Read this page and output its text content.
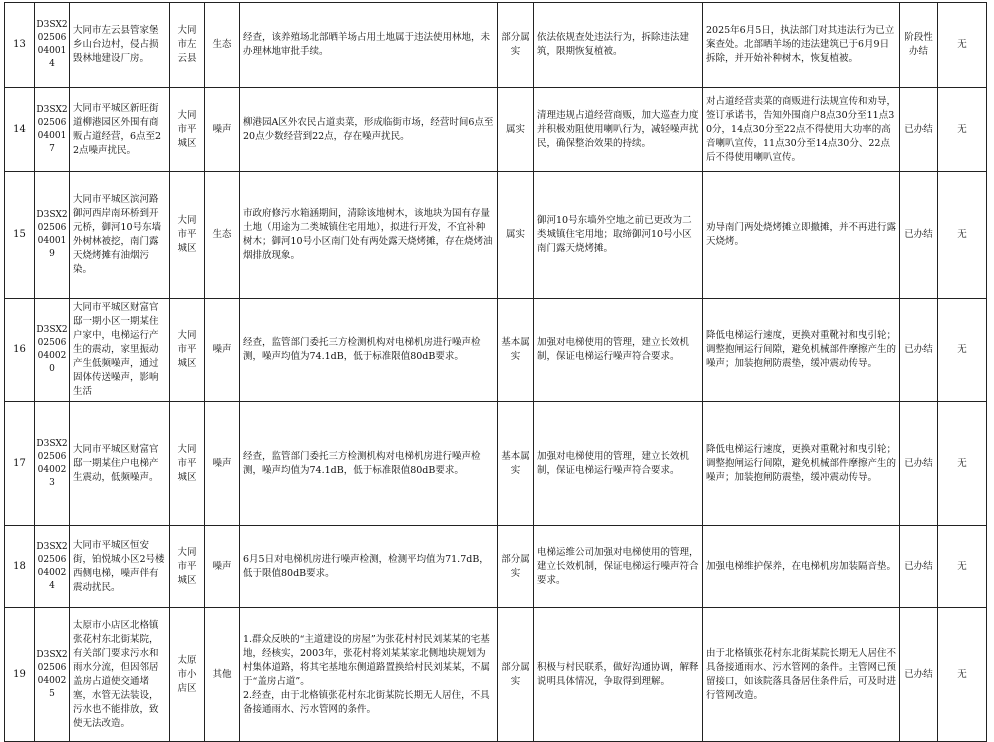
13	D3SX202506040014	大同市左云县管家堡乡山台边村，侵占损毁林地建设厂房。	大同市左云县	生态	经查，该养殖场北部晒羊场占用土地属于违法使用林地，未办理林地审批手续。	部分属实	依法依规查处违法行为，拆除违法建筑，限期恢复植被。	2025年6月5日，执法部门对其违法行为已立案查处。北部晒羊场的违法建筑已于6月9日拆除，并开始补种树木，恢复植被。	阶段性办结	无
14	D3SX202506040017	大同市平城区新旺街道柳港园区外围有商贩占道经营，6点至22点噪声扰民。	大同市平城区	噪声	柳港园A区外农民占道卖菜，形成临街市场，经营时间6点至20点少数经营到22点，存在噪声扰民。	属实	清理违规占道经营商贩，加大巡查力度并积极劝阻使用喇叭行为，减轻噪声扰民，确保整治效果的持续。	对占道经营卖菜的商贩进行法规宣传和劝导，签订承诺书，告知外围商户8点30分至11点30分，14点30分至22点不得使用大功率的高音喇叭宣传，11点30分至14点30分、22点后不得使用喇叭宣传。	已办结	无
15	D3SX202506040019	大同市平城区滨河路御河西岸南环桥到开元桥，御河10号东墙外树林被挖，南门露天烧烤摊有油烟污染。	大同市平城区	生态	市政府修污水箱涵期间，清除该地树木，该地块为国有存量土地（用途为二类城镇住宅用地），拟进行开发，不宜补种树木；御河10号小区南门处有两处露天烧烤摊，存在烧烤油烟排放现象。	属实	御河10号东墙外空地之前已更改为二类城镇住宅用地；取缔御河10号小区南门露天烧烤摊。	劝导南门两处烧烤摊立即撤摊，并不再进行露天烧烤。	已办结	无
16	D3SX202506040020	大同市平城区财富官邸一期小区一期某住户家中，电梯运行产生的震动，家里振动产生低频噪声，通过固体传送噪声，影响生活	大同市平城区	噪声	经查，监管部门委托三方检测机构对电梯机房进行噪声检测，噪声均值为74.1dB，低于标准限值80dB要求。	基本属实	加强对电梯使用的管理，建立长效机制，保证电梯运行噪声符合要求。	降低电梯运行速度，更换对重靴衬和曳引轮；调整抱闸运行间隙，避免机械部件摩擦产生的噪声；加装抱闸防震垫，缓冲震动传导。	已办结	无
17	D3SX202506040023	大同市平城区财富官邸一期某住户电梯产生震动，低频噪声。	大同市平城区	噪声	经查，监管部门委托三方检测机构对电梯机房进行噪声检测，噪声均值为74.1dB，低于标准限值80dB要求。	基本属实	加强对电梯使用的管理，建立长效机制，保证电梯运行噪声符合要求。	降低电梯运行速度，更换对重靴衬和曳引轮；调整抱闸运行间隙，避免机械部件摩擦产生的噪声；加装抱闸防震垫，缓冲震动传导。	已办结	无
18	D3SX202506040024	大同市平城区恒安街，铂悦城小区2号楼西侧电梯，噪声伴有震动扰民。	大同市平城区	噪声	6月5日对电梯机房进行噪声检测，检测平均值为71.7dB，低于限值80dB要求。	部分属实	电梯运维公司加强对电梯使用的管理，建立长效机制，保证电梯运行噪声符合要求。	加强电梯维护保养，在电梯机房加装隔音垫。	已办结	无
19	D3SX202506040025	太原市小店区北格镇张花村东北街某院，有关部门要求污水和雨水分流，但因邻居盖房占道使交通堵塞，水管无法装设，污水也不能排放，致使无法改造。	太原市小店区	其他	1.群众反映的“主道建设的房屋”为张花村村民刘某某的宅基地，经核实，2003年，张花村将刘某某家北侧地块规划为村集体道路，将其宅基地东侧道路置换给村民刘某某，不属于“盖房占道”。
2.经查，由于北格镇张花村东北街某院长期无人居住，不具备接通雨水、污水管网的条件。	部分属实	积极与村民联系，做好沟通协调，解释说明具体情况，争取得到理解。	由于北格镇张花村东北街某院长期无人居住不具备接通雨水、污水管网的条件。主管网已预留接口，如该院落具备居住条件后，可及时进行管网改造。	已办结	无
